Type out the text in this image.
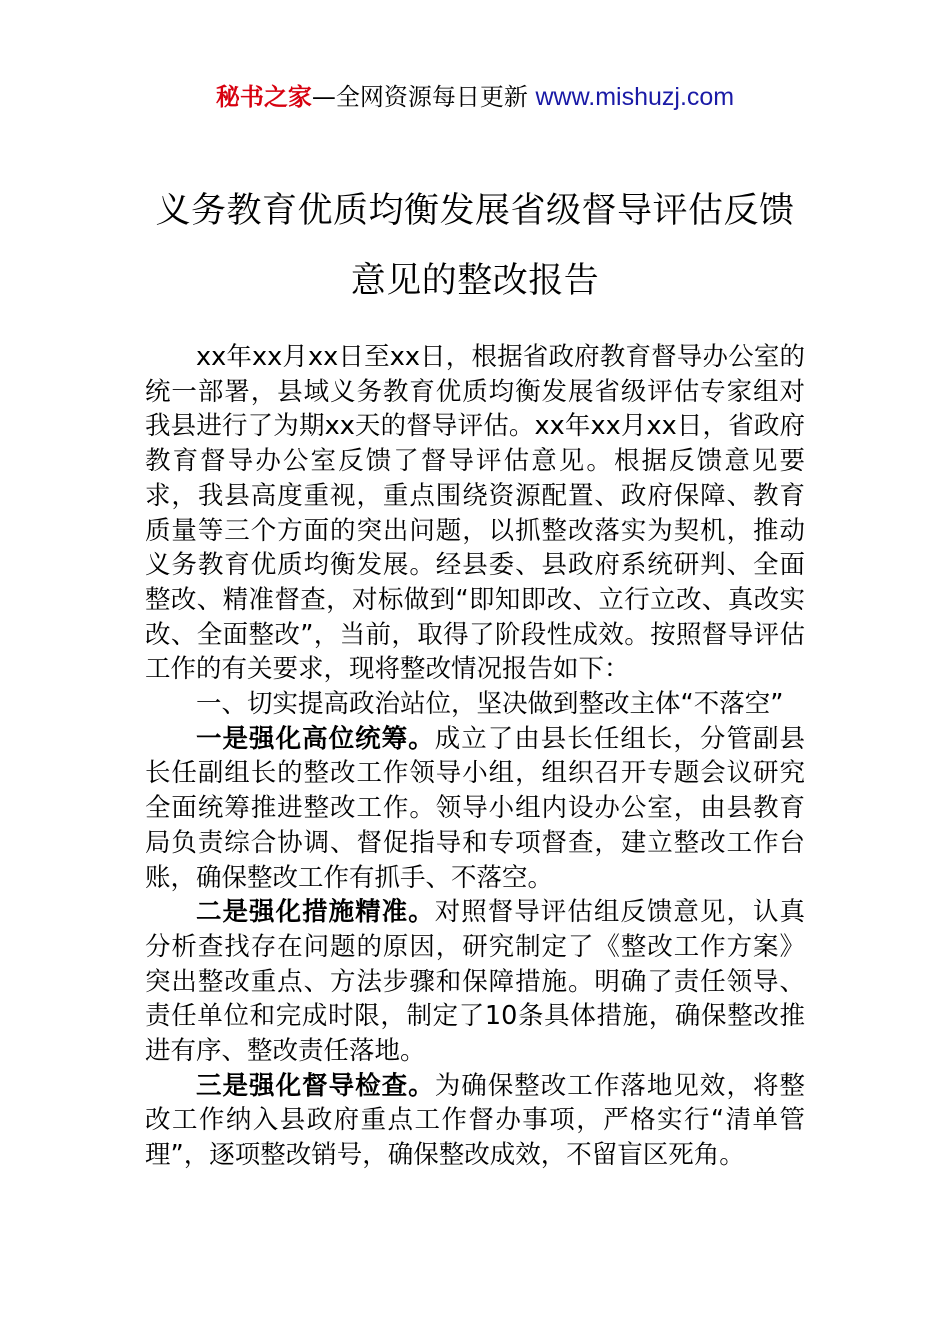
秘书之家—全网资源每日更新 www.mishuzj.com
义务教育优质均衡发展省级督导评估反馈
意见的整改报告

xx年xx月xx日至xx日，根据省政府教育督导办公室的统一部署，县域义务教育优质均衡发展省级评估专家组对我县进行了为期xx天的督导评估。xx年xx月xx日，省政府教育督导办公室反馈了督导评估意见。根据反馈意见要求，我县高度重视，重点围绕资源配置、政府保障、教育质量等三个方面的突出问题，以抓整改落实为契机，推动义务教育优质均衡发展。经县委、县政府系统研判、全面整改、精准督查，对标做到“即知即改、立行立改、真改实改、全面整改”，当前，取得了阶段性成效。按照督导评估工作的有关要求，现将整改情况报告如下：

一、切实提高政治站位，坚决做到整改主体“不落空”

一是强化高位统筹。成立了由县长任组长，分管副县长任副组长的整改工作领导小组，组织召开专题会议研究全面统筹推进整改工作。领导小组内设办公室，由县教育局负责综合协调、督促指导和专项督查，建立整改工作台账，确保整改工作有抓手、不落空。

二是强化措施精准。对照督导评估组反馈意见，认真分析查找存在问题的原因，研究制定了《整改工作方案》突出整改重点、方法步骤和保障措施。明确了责任领导、责任单位和完成时限，制定了10条具体措施，确保整改推进有序、整改责任落地。

三是强化督导检查。为确保整改工作落地见效，将整改工作纳入县政府重点工作督办事项，严格实行“清单管理”，逐项整改销号，确保整改成效，不留盲区死角。
